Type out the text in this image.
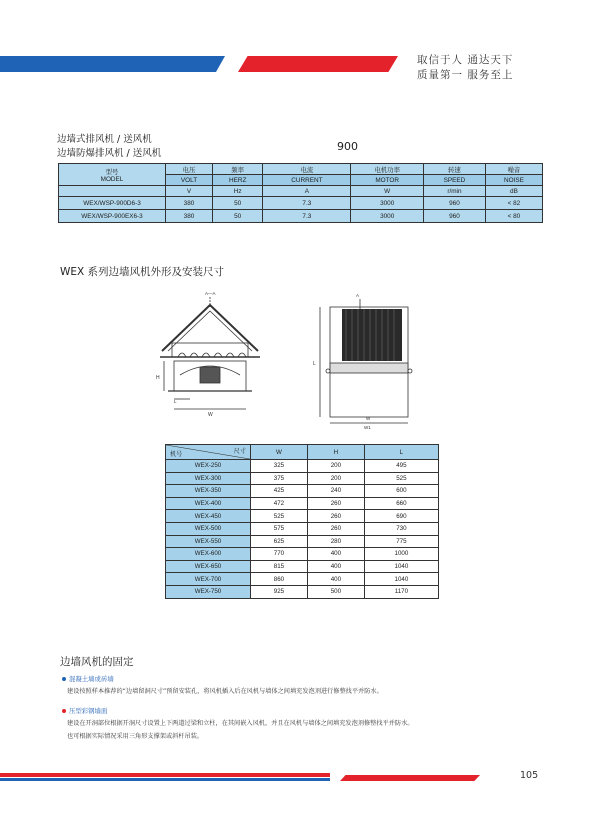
取信于人 通达天下
质量第一 服务至上
边墙式排风机 / 送风机
边墙防爆排风机 / 送风机
900
型号
MODEL	电压	频率	电流	电机功率	转速	噪音
	VOLT	HERZ	CURRENT	MOTOR	SPEED	NOISE
	V	Hz	A	W	r/min	dB
WEX/WSP-900D6-3	380	50	7.3	3000	960	< 82
WEX/WSP-900EX6-3	380	50	7.3	3000	960	< 80
WEX 系列边墙风机外形及安装尺寸
A—A
H
W
L
A
L
W
W1
尺寸
机号	W	H	L
WEX-250	325	200	495
WEX-300	375	200	525
WEX-350	425	240	600
WEX-400	472	260	660
WEX-450	525	260	690
WEX-500	575	260	730
WEX-550	625	280	775
WEX-600	770	400	1000
WEX-650	815	400	1040
WEX-700	860	400	1040
WEX-750	925	500	1170
边墙风机的固定
混凝土墙或砖墙
建设按照样本推荐的“边墙留洞尺寸”预留安装孔，将风机插入后在风机与墙体之间填充发泡剂进行修整找平并防水。
压型彩钢墙面
建设在开洞部位根据开洞尺寸设置上下两道过梁和立柱，在其间嵌入风机，并且在风机与墙体之间填充发泡剂修整找平并防水。
也可根据实际情况采用三角形支撑架或斜杆吊装。
105
